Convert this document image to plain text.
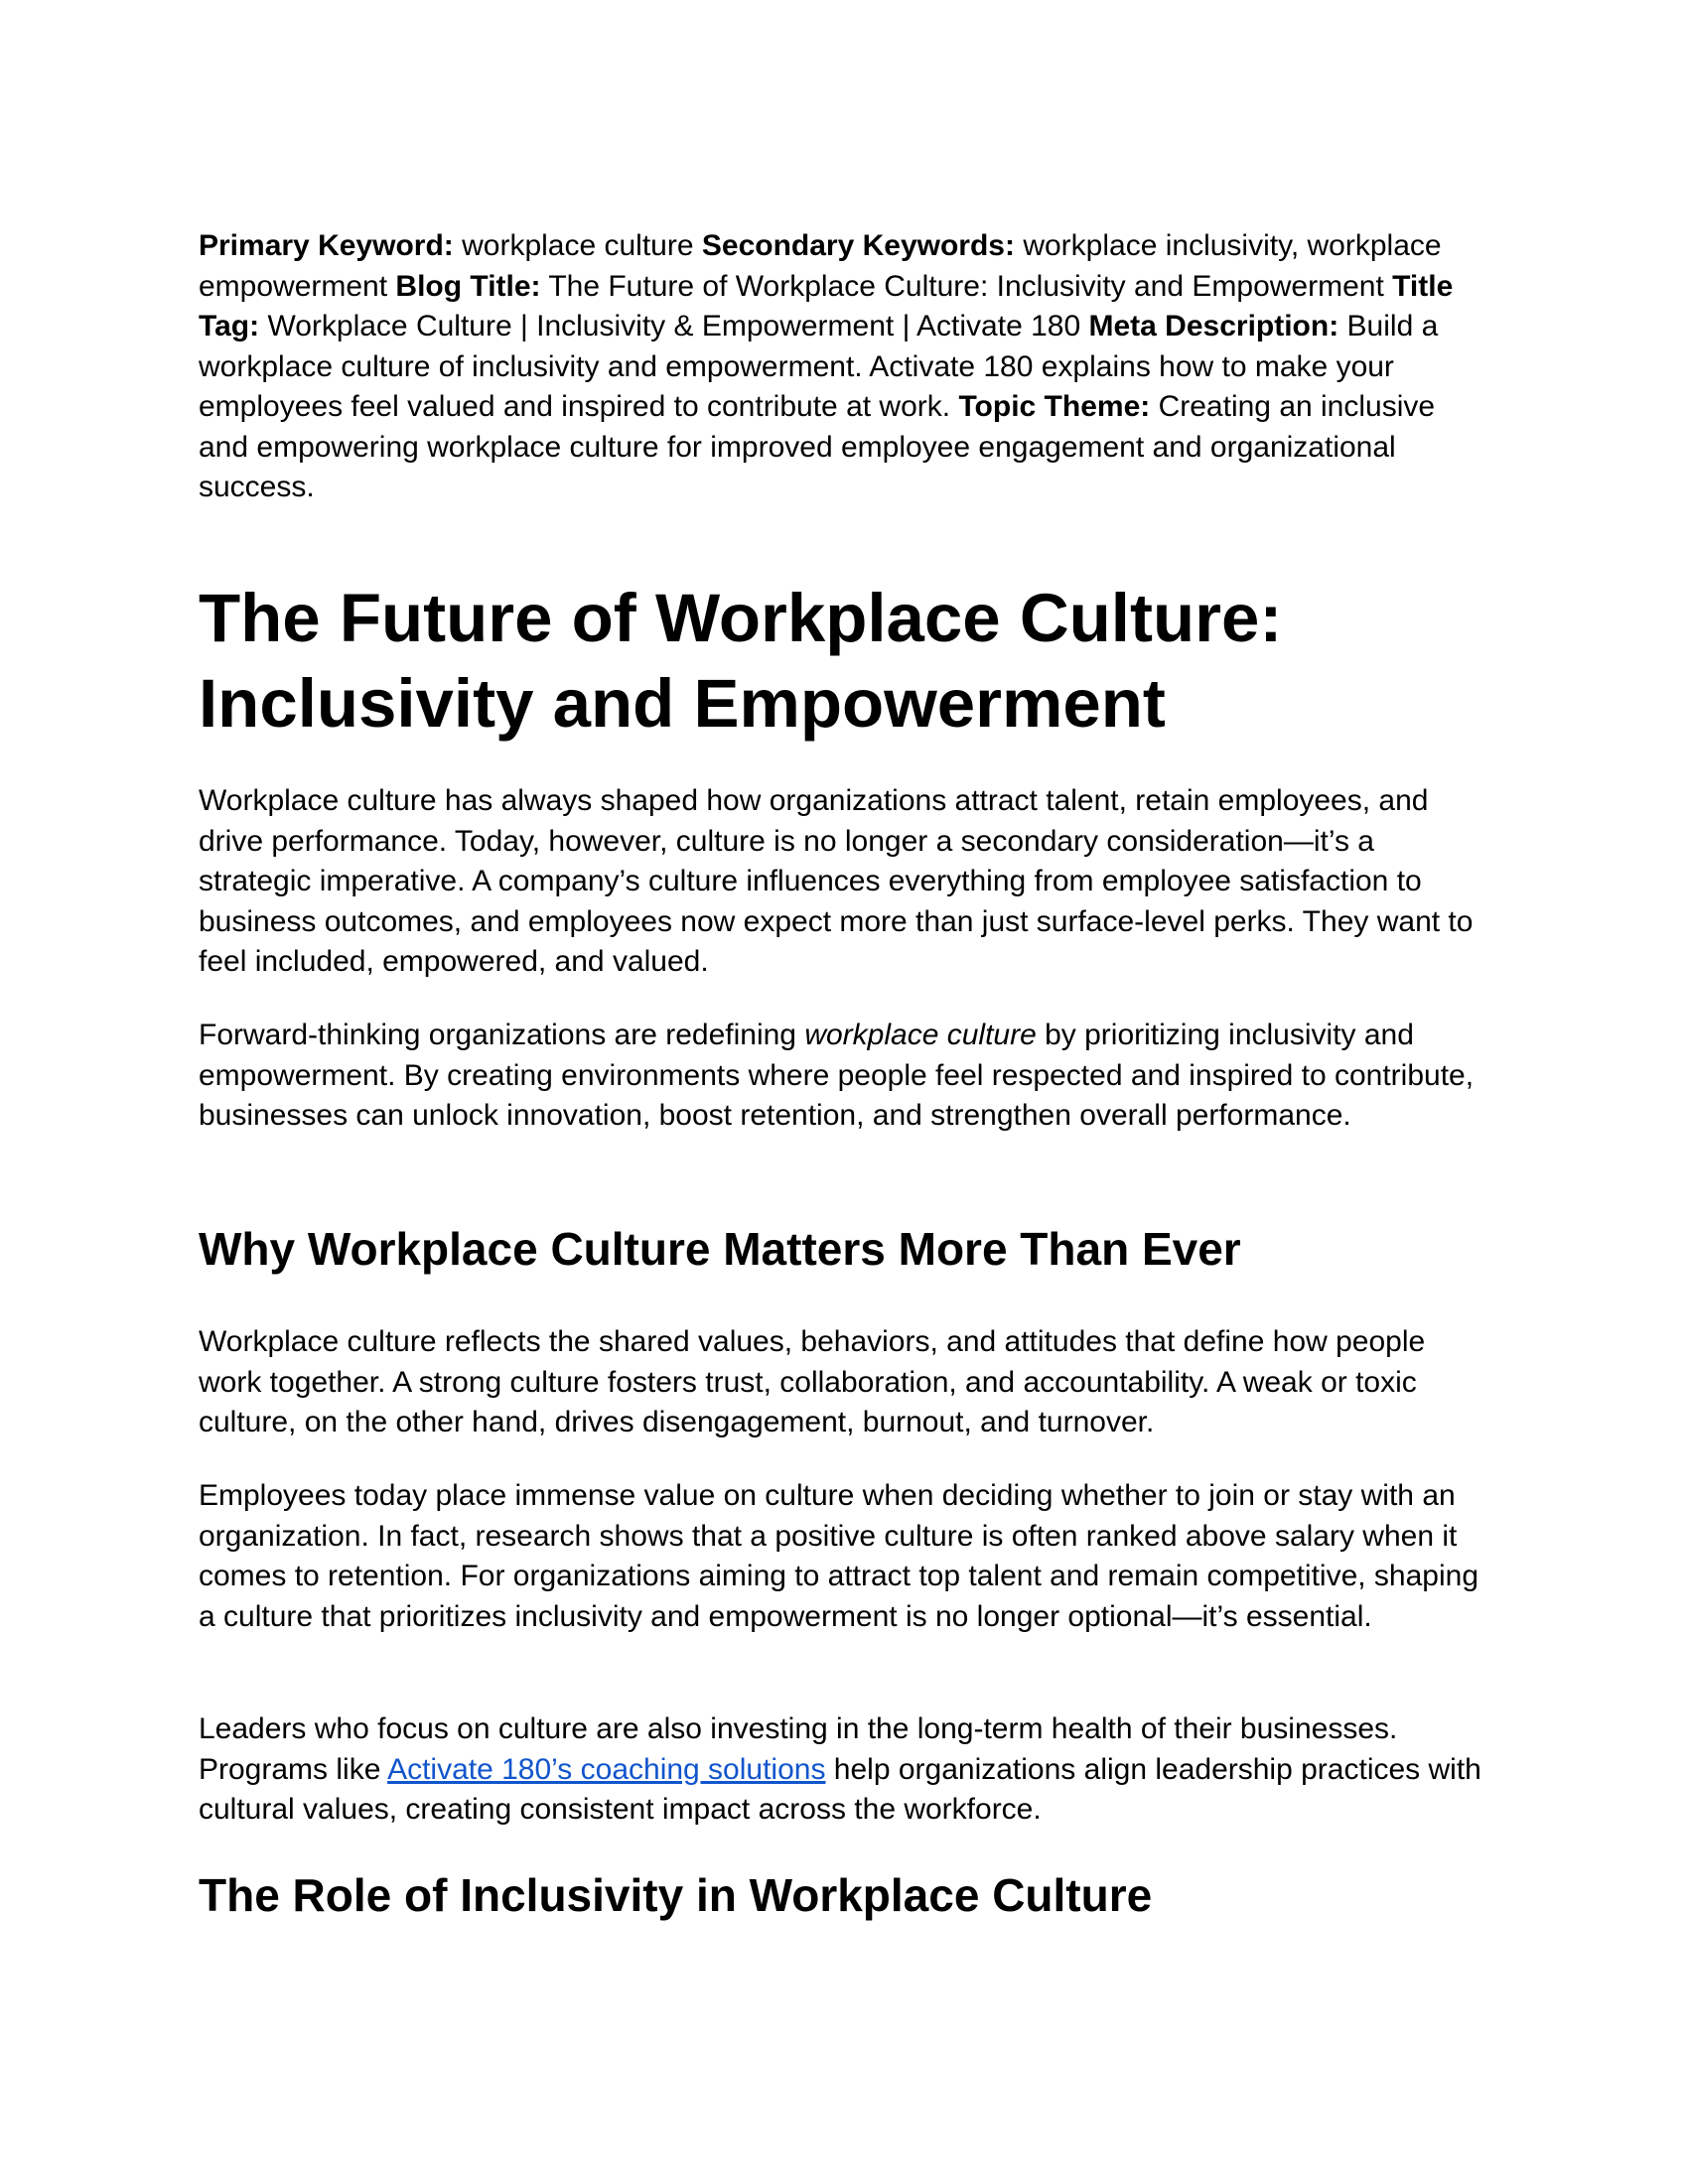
Primary Keyword: workplace culture Secondary Keywords: workplace inclusivity, workplace empowerment Blog Title: The Future of Workplace Culture: Inclusivity and Empowerment Title Tag: Workplace Culture | Inclusivity & Empowerment | Activate 180 Meta Description: Build a workplace culture of inclusivity and empowerment. Activate 180 explains how to make your employees feel valued and inspired to contribute at work. Topic Theme: Creating an inclusive and empowering workplace culture for improved employee engagement and organizational success.

The Future of Workplace Culture: Inclusivity and Empowerment

Workplace culture has always shaped how organizations attract talent, retain employees, and drive performance. Today, however, culture is no longer a secondary consideration—it’s a strategic imperative. A company’s culture influences everything from employee satisfaction to business outcomes, and employees now expect more than just surface-level perks. They want to feel included, empowered, and valued.

Forward-thinking organizations are redefining workplace culture by prioritizing inclusivity and empowerment. By creating environments where people feel respected and inspired to contribute, businesses can unlock innovation, boost retention, and strengthen overall performance.

Why Workplace Culture Matters More Than Ever

Workplace culture reflects the shared values, behaviors, and attitudes that define how people work together. A strong culture fosters trust, collaboration, and accountability. A weak or toxic culture, on the other hand, drives disengagement, burnout, and turnover.

Employees today place immense value on culture when deciding whether to join or stay with an organization. In fact, research shows that a positive culture is often ranked above salary when it comes to retention. For organizations aiming to attract top talent and remain competitive, shaping a culture that prioritizes inclusivity and empowerment is no longer optional—it’s essential.

Leaders who focus on culture are also investing in the long-term health of their businesses. Programs like Activate 180’s coaching solutions help organizations align leadership practices with cultural values, creating consistent impact across the workforce.

The Role of Inclusivity in Workplace Culture
